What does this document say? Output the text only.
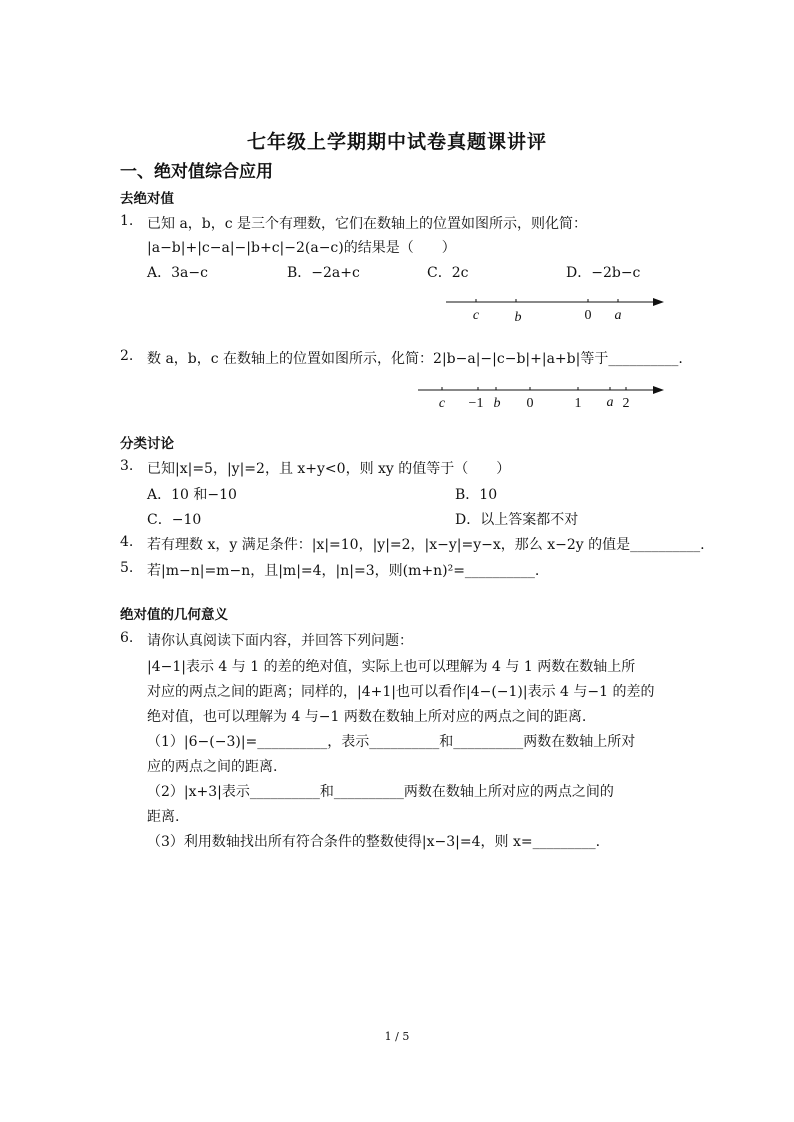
七年级上学期期中试卷真题课讲评
一、绝对值综合应用
去绝对值
1. 已知 a，b，c 是三个有理数，它们在数轴上的位置如图所示，则化简：
|a−b|+|c−a|−|b+c|−2(a−c)的结果是（　　）
A．3a−c	B．−2a+c	C．2c	D．−2b−c
c	b	0 a
2. 数 a，b，c 在数轴上的位置如图所示，化简：2|b−a|−|c−b|+|a+b|等于__________.
c −1 b 0	1 a 2
分类讨论
3. 已知|x|=5，|y|=2，且 x+y<0，则 xy 的值等于（　　）
A．10 和−10	B．10
C．−10	D．以上答案都不对
4. 若有理数 x，y 满足条件：|x|=10，|y|=2，|x−y|=y−x，那么 x−2y 的值是__________.
5. 若|m−n|=m−n，且|m|=4，|n|=3，则(m+n)²=__________.
绝对值的几何意义
6. 请你认真阅读下面内容，并回答下列问题：
|4−1|表示 4 与 1 的差的绝对值，实际上也可以理解为 4 与 1 两数在数轴上所
对应的两点之间的距离；同样的，|4+1|也可以看作|4−(−1)|表示 4 与−1 的差的
绝对值，也可以理解为 4 与−1 两数在数轴上所对应的两点之间的距离.
（1）|6−(−3)|=__________，表示__________和__________两数在数轴上所对
应的两点之间的距离.
（2）|x+3|表示__________和__________两数在数轴上所对应的两点之间的
距离.
（3）利用数轴找出所有符合条件的整数使得|x−3|=4，则 x=_________.
1 / 5
